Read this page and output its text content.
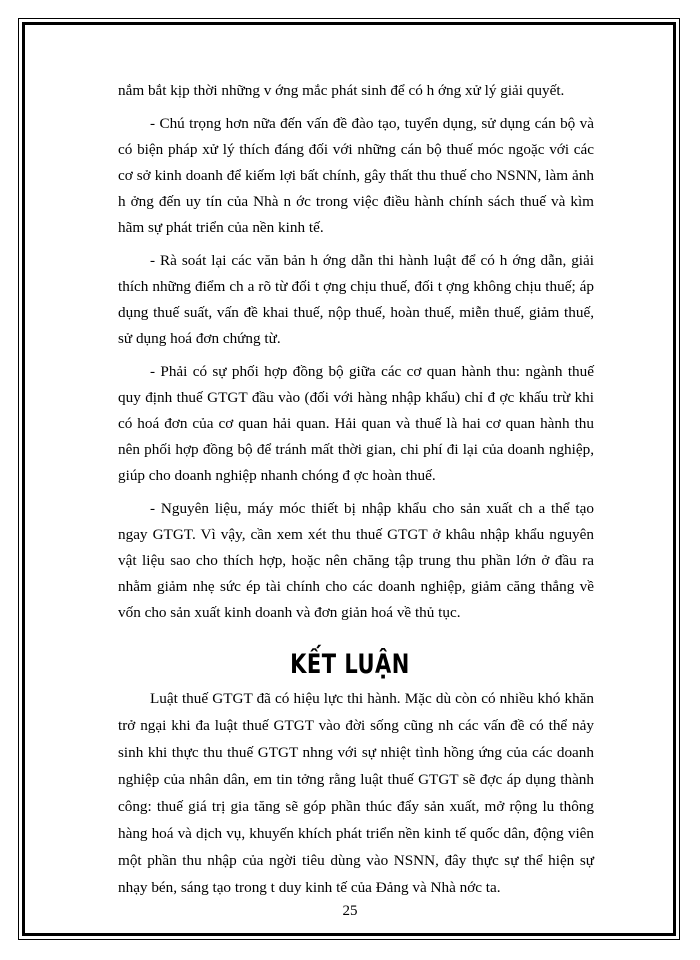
nắm bắt kịp thời những v ớng mắc phát sinh để có h ớng xử lý giải quyết.

- Chú trọng hơn nữa đến vấn đề đào tạo, tuyển dụng, sử dụng cán bộ và có biện pháp xử lý thích đáng đối với những cán bộ thuế móc ngoặc với các cơ sở kinh doanh để kiếm lợi bất chính, gây thất thu thuế cho NSNN, làm ảnh h ởng đến uy tín của Nhà n ớc trong việc điều hành chính sách thuế và kìm hãm sự phát triển của nền kinh tế.

- Rà soát lại các văn bản h ớng dẫn thi hành luật để có h ớng dẫn, giải thích những điểm ch a rõ từ đối t ợng chịu thuế, đối t ợng không chịu thuế; áp dụng thuế suất, vấn đề khai thuế, nộp thuế, hoàn thuế, miễn thuế, giảm thuế, sử dụng hoá đơn chứng từ.

- Phải có sự phối hợp đồng bộ giữa các cơ quan hành thu: ngành thuế quy định thuế GTGT đầu vào (đối với hàng nhập khẩu) chỉ đ ợc khấu trừ khi có hoá đơn của cơ quan hải quan. Hải quan và thuế là hai cơ quan hành thu nên phối hợp đồng bộ để tránh mất thời gian, chi phí đi lại của doanh nghiệp, giúp cho doanh nghiệp nhanh chóng đ ợc hoàn thuế.

- Nguyên liệu, máy móc thiết bị nhập khẩu cho sản xuất ch a thể tạo ngay GTGT. Vì vậy, cần xem xét thu thuế GTGT ở khâu nhập khẩu nguyên vật liệu sao cho thích hợp, hoặc nên chăng tập trung thu phần lớn ở đầu ra nhằm giảm nhẹ sức ép tài chính cho các doanh nghiệp, giảm căng thẳng về vốn cho sản xuất kinh doanh và đơn giản hoá về thủ tục.

KẾT LUẬN

Luật thuế GTGT đã có hiệu lực thi hành. Mặc dù còn có nhiều khó khăn trở ngại khi đa luật thuế GTGT vào đời sống cũng nh các vấn đề có thể nảy sinh khi thực thu thuế GTGT nhng với sự nhiệt tình hồng ứng của các doanh nghiệp của nhân dân, em tin tởng rằng luật thuế GTGT sẽ đợc áp dụng thành công: thuế giá trị gia tăng sẽ góp phần thúc đẩy sản xuất, mở rộng lu thông hàng hoá và dịch vụ, khuyến khích phát triển nền kinh tế quốc dân, động viên một phần thu nhập của ngời tiêu dùng vào NSNN, đây thực sự thể hiện sự nhạy bén, sáng tạo trong t duy kinh tế của Đảng và Nhà nớc ta.

25
